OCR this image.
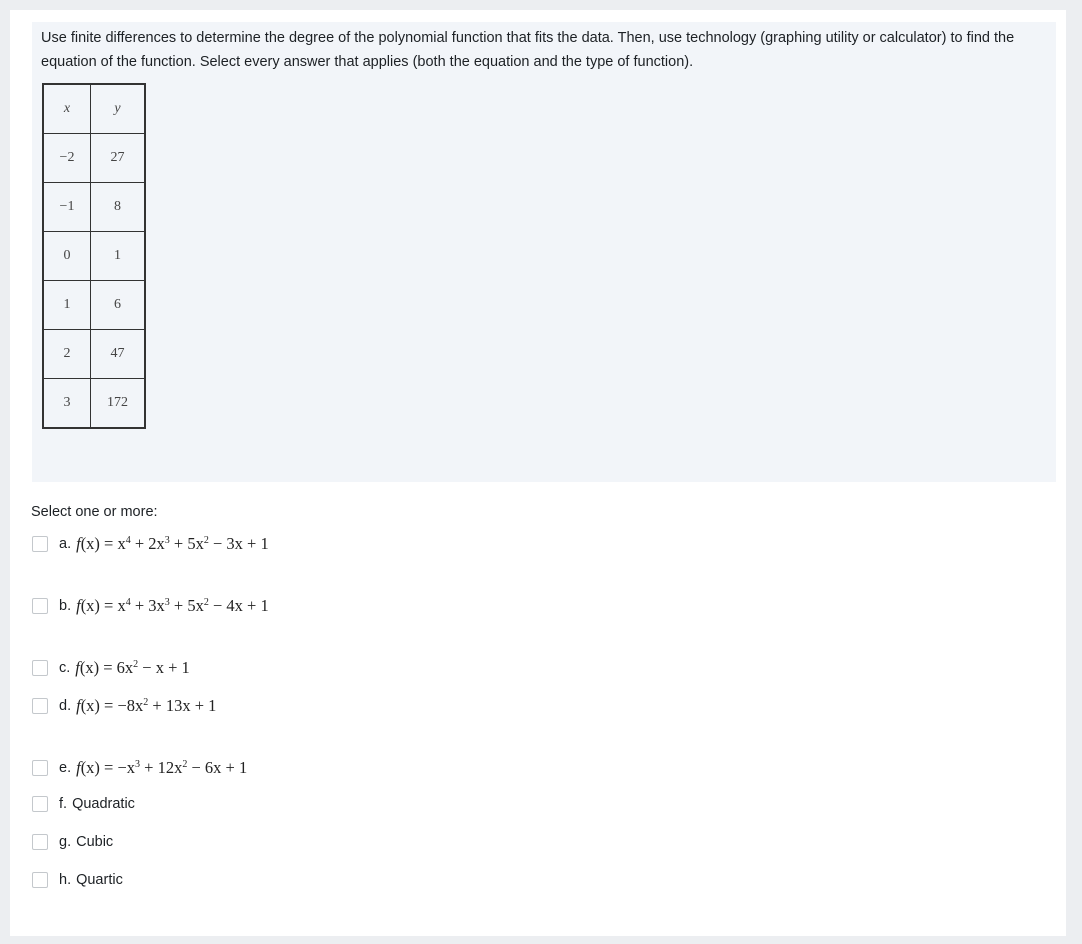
Use finite differences to determine the degree of the polynomial function that fits the data. Then, use technology (graphing utility or calculator) to find the equation of the function. Select every answer that applies (both the equation and the type of function).
x	y
−2	27
−1	8
0	1
1	6
2	47
3	172
Select one or more:
a. $f(x) = x^4 + 2x^3 + 5x^2 - 3x + 1$
b. $f(x) = x^4 + 3x^3 + 5x^2 - 4x + 1$
c. $f(x) = 6x^2 - x + 1$
d. $f(x) = -8x^2 + 13x + 1$
e. $f(x) = -x^3 + 12x^2 - 6x + 1$
f. Quadratic
g. Cubic
h. Quartic
